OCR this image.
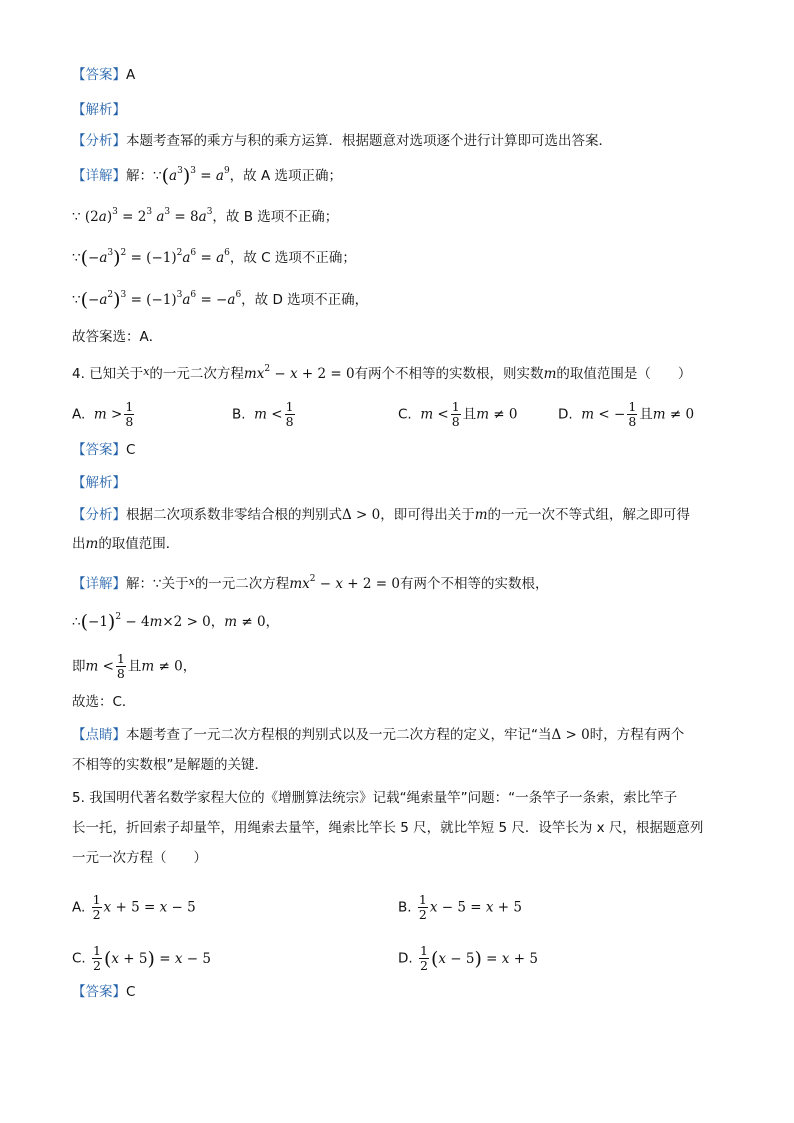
【答案】A
【解析】
【分析】本题考查幂的乘方与积的乘方运算．根据题意对选项逐个进行计算即可选出答案．
【详解】解：$\because(a^3)^3 = a^9$，故 A 选项正确；
∵ $(2a)^3 = 2^3$ $a^3 = 8a^3$，故 B 选项不正确；
$\because(-a^3)^2 = (-1)^2a^6 = a^6$，故 C 选项不正确；
$\because(-a^2)^3 = (-1)^3a^6 = -a^6$，故 D 选项不正确，
故答案选：A．
4. 已知关于$^x$的一元二次方程$mx^2 - x + 2 = 0$有两个不相等的实数根，则实数m的取值范围是（　　）
A. $m > \frac{1}{8}$	B. $m < \frac{1}{8}$	C. $m < \frac{1}{8}$ 且m ≠ 0	D. m < − $\frac{1}{8}$ 且m ≠ 0
【答案】C
【解析】
【分析】根据二次项系数非零结合根的判别式Δ > 0，即可得出关于m的一元一次不等式组，解之即可得
出m的取值范围．
【详解】解：∵关于$^x$的一元二次方程$mx^2 - x + 2 = 0$有两个不相等的实数根，
$\therefore(-1)^2 - 4m\times 2 > 0$，m ≠ 0，
即$m < \frac{1}{8}$ 且m ≠ 0，
故选：C．
【点睛】本题考查了一元二次方程根的判别式以及一元二次方程的定义，牢记“当Δ > 0时，方程有两个
不相等的实数根”是解题的关键．
5. 我国明代著名数学家程大位的《增删算法统宗》记载“绳索量竿”问题：“一条竿子一条索，索比竿子
长一托，折回索子却量竿，用绳索去量竿，绳索比竿长 5 尺，就比竿短 5 尺．设竿长为 x 尺，根据题意列
一元一次方程（　　）
A. $\frac{1}{2}$ x + 5 = x − 5	B. $\frac{1}{2}$ x − 5 = x + 5
C. $\frac{1}{2} (x + 5) = x - 5$	D. $\frac{1}{2} (x - 5) = x + 5$
【答案】C
